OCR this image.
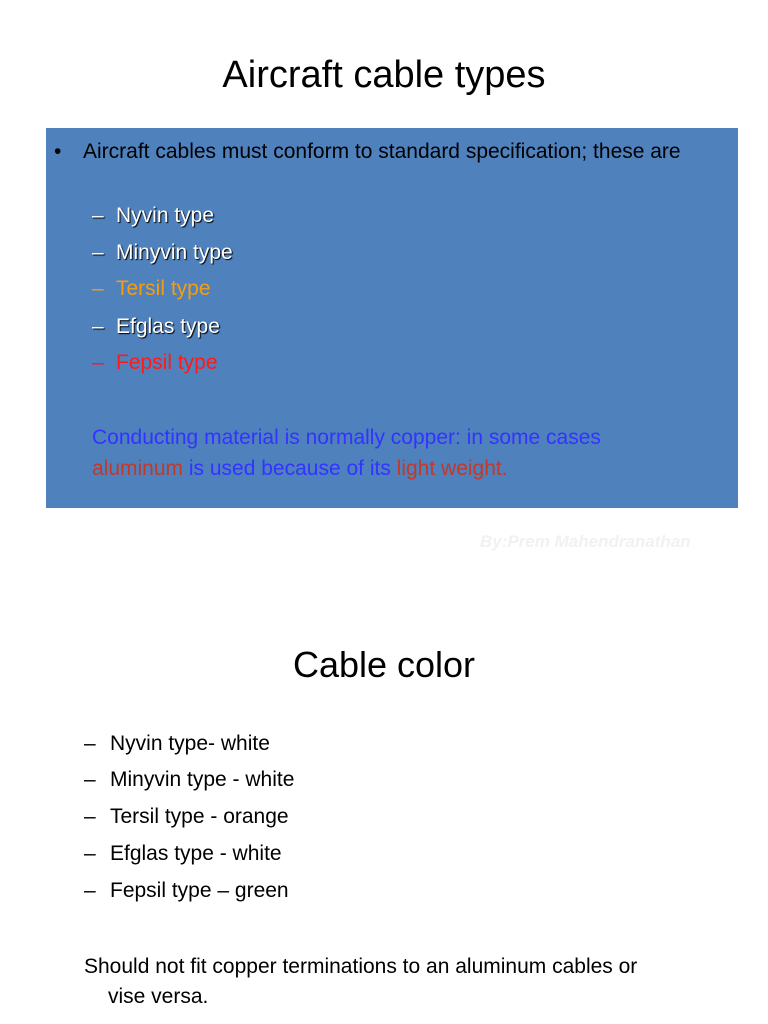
Aircraft cable types
•	Aircraft cables must conform to standard specification; these are
– Nyvin type
– Minyvin type
– Tersil type
– Efglas type
– Fepsil type
Conducting material is normally copper: in some cases
aluminum is used because of its light weight.
By:Prem Mahendranathan
Cable color
– Nyvin type- white
– Minyvin type - white
– Tersil type - orange
– Efglas type - white
– Fepsil type – green
Should not fit copper terminations to an aluminum cables or
vise versa.
